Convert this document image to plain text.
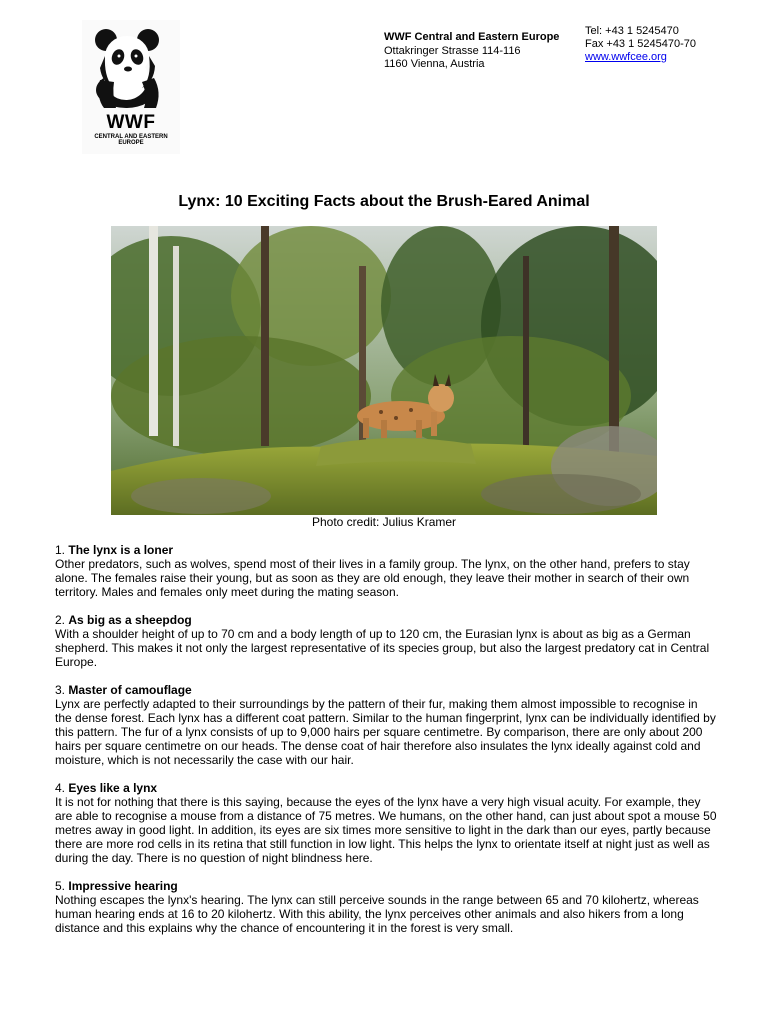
WWF
CENTRAL AND EASTERN EUROPE
WWF Central and Eastern Europe
Ottakringer Strasse 114-116
1160 Vienna, Austria
Tel: +43 1 5245470
Fax +43 1 5245470-70
www.wwfcee.org
Lynx: 10 Exciting Facts about the Brush-Eared Animal
Photo credit: Julius Kramer
1. The lynx is a loner
Other predators, such as wolves, spend most of their lives in a family group. The lynx, on the other hand, prefers to stay alone. The females raise their young, but as soon as they are old enough, they leave their mother in search of their own territory. Males and females only meet during the mating season.
2. As big as a sheepdog
With a shoulder height of up to 70 cm and a body length of up to 120 cm, the Eurasian lynx is about as big as a German shepherd. This makes it not only the largest representative of its species group, but also the largest predatory cat in Central Europe.
3. Master of camouflage
Lynx are perfectly adapted to their surroundings by the pattern of their fur, making them almost impossible to recognise in the dense forest. Each lynx has a different coat pattern. Similar to the human fingerprint, lynx can be individually identified by this pattern. The fur of a lynx consists of up to 9,000 hairs per square centimetre. By comparison, there are only about 200 hairs per square centimetre on our heads. The dense coat of hair therefore also insulates the lynx ideally against cold and moisture, which is not necessarily the case with our hair.
4. Eyes like a lynx
It is not for nothing that there is this saying, because the eyes of the lynx have a very high visual acuity. For example, they are able to recognise a mouse from a distance of 75 metres. We humans, on the other hand, can just about spot a mouse 50 metres away in good light. In addition, its eyes are six times more sensitive to light in the dark than our eyes, partly because there are more rod cells in its retina that still function in low light. This helps the lynx to orientate itself at night just as well as during the day. There is no question of night blindness here.
5. Impressive hearing
Nothing escapes the lynx's hearing. The lynx can still perceive sounds in the range between 65 and 70 kilohertz, whereas human hearing ends at 16 to 20 kilohertz. With this ability, the lynx perceives other animals and also hikers from a long distance and this explains why the chance of encountering it in the forest is very small.
